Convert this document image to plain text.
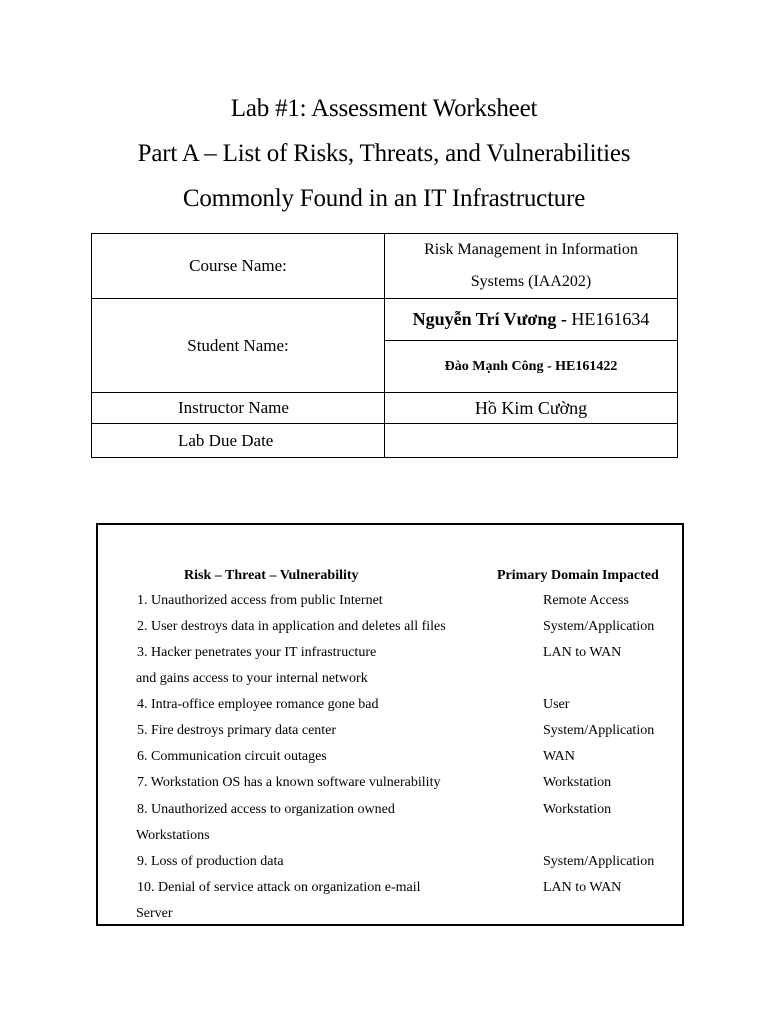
Lab #1: Assessment Worksheet
Part A – List of Risks, Threats, and Vulnerabilities
Commonly Found in an IT Infrastructure
Course Name:	Risk Management in Information
Systems (IAA202)

Student Name:	Nguyễn Trí Vương - HE161634
	Đào Mạnh Công - HE161422
Instructor Name	Hồ Kim Cường
Lab Due Date	
Risk – Threat – Vulnerability	Primary Domain Impacted
1. Unauthorized access from public Internet	Remote Access
2. User destroys data in application and deletes all files	System/Application
3. Hacker penetrates your IT infrastructure	LAN to WAN
and gains access to your internal network
4. Intra-office employee romance gone bad	User
5. Fire destroys primary data center	System/Application
6. Communication circuit outages	WAN
7. Workstation OS has a known software vulnerability	Workstation
8. Unauthorized access to organization owned	Workstation
Workstations
9. Loss of production data	System/Application
10. Denial of service attack on organization e-mail	LAN to WAN
Server
